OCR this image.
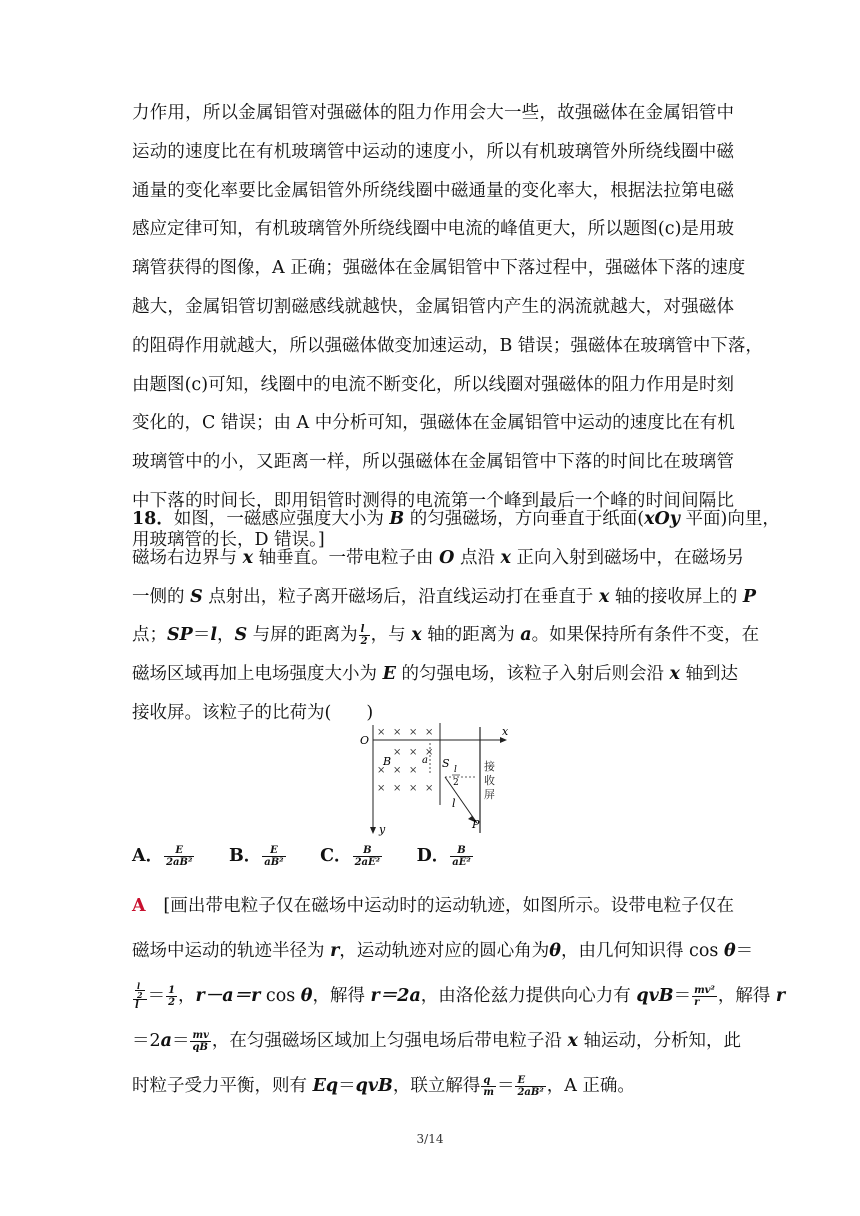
力作用，所以金属铝管对强磁体的阻力作用会大一些，故强磁体在金属铝管中
运动的速度比在有机玻璃管中运动的速度小，所以有机玻璃管外所绕线圈中磁
通量的变化率要比金属铝管外所绕线圈中磁通量的变化率大，根据法拉第电磁
感应定律可知，有机玻璃管外所绕线圈中电流的峰值更大，所以题图(c)是用玻
璃管获得的图像，A 正确；强磁体在金属铝管中下落过程中，强磁体下落的速度
越大，金属铝管切割磁感线就越快，金属铝管内产生的涡流就越大，对强磁体
的阻碍作用就越大，所以强磁体做变加速运动，B 错误；强磁体在玻璃管中下落，
由题图(c)可知，线圈中的电流不断变化，所以线圈对强磁体的阻力作用是时刻
变化的，C 错误；由 A 中分析可知，强磁体在金属铝管中运动的速度比在有机
玻璃管中的小，又距离一样，所以强磁体在金属铝管中下落的时间比在玻璃管
中下落的时间长，即用铝管时测得的电流第一个峰到最后一个峰的时间间隔比
用玻璃管的长，D 错误。]
18．如图，一磁感应强度大小为 B 的匀强磁场，方向垂直于纸面(xOy 平面)向里，
磁场右边界与 x 轴垂直。一带电粒子由 O 点沿 x 正向入射到磁场中，在磁场另
一侧的 S 点射出，粒子离开磁场后，沿直线运动打在垂直于 x 轴的接收屏上的 P
点；SP＝l，S 与屏的距离为 $\frac{l}{2}$ ，与 x 轴的距离为 a。如果保持所有条件不变，在
磁场区域再加上电场强度大小为 E 的匀强电场，该粒子入射后则会沿 x 轴到达
接收屏。该粒子的比荷为(　　)
× × × ×
× × ×
× × ×
× × × ×
O
x
y
B	a S l
2
l
P
接
收
屏
A． $\frac{E}{\text{2aB²}}$ B． $\frac{E}{\text{aB²}}$ C． $\frac{B}{\text{2aE²}}$ D． $\frac{B}{\text{aE²}}$
A　 [画出带电粒子仅在磁场中运动时的运动轨迹，如图所示。设带电粒子仅在
磁场中运动的轨迹半径为 r，运动轨迹对应的圆心角为θ，由几何知识得 cos θ＝
$\frac{\frac{l}{2}}{l} = \frac{1}{2}$ ，r－a＝r cos θ，解得 r＝2a，由洛伦兹力提供向心力有 $qvB= \frac{\text{mv²}}{r}$ ，解得 r
$=2a= \frac{mv}{qB}$ ，在匀强磁场区域加上匀强电场后带电粒子沿 x 轴运动，分析知，此
时粒子受力平衡，则有 Eq＝qvB，联立解得 $\frac{q}{m} = \frac{E}{\text{2aB²}}$ ，A 正确。
3/14
